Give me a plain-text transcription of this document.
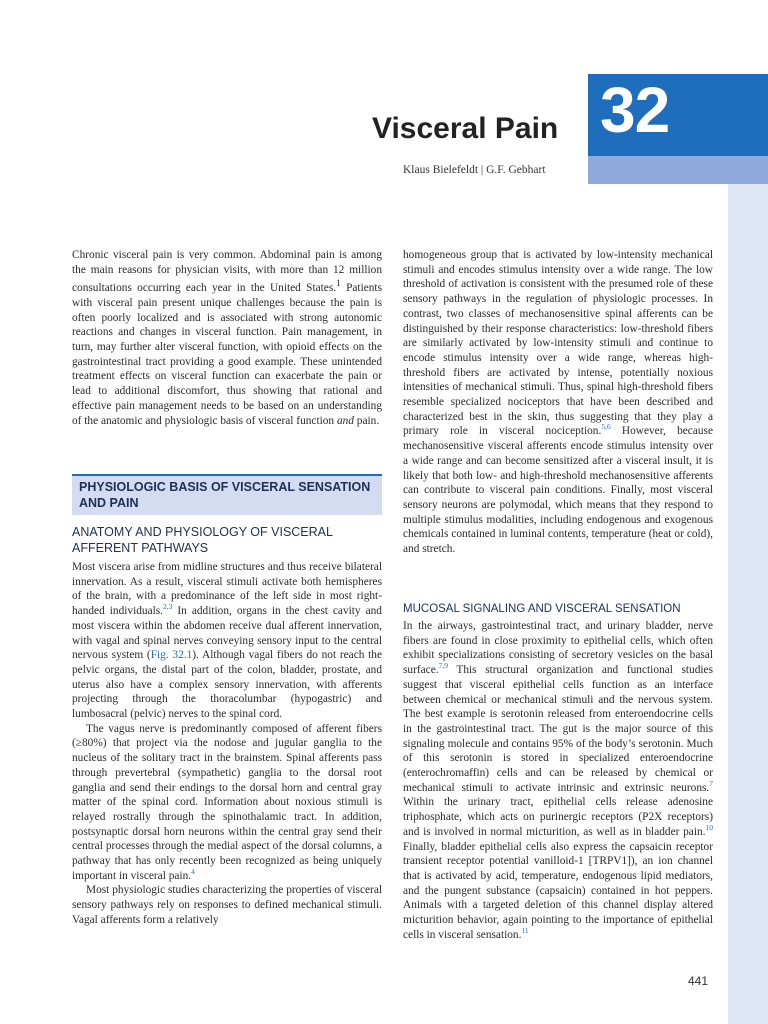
32
Visceral Pain
Klaus Bielefeldt | G.F. Gebhart

Chronic visceral pain is very common. Abdominal pain is among the main reasons for physician visits, with more than 12 million consultations occurring each year in the United States.$^1$ Patients with visceral pain present unique challenges because the pain is often poorly localized and is associated with strong autonomic reactions and changes in visceral function. Pain management, in turn, may further alter visceral function, with opioid effects on the gastrointestinal tract providing a good example. These unintended treatment effects on visceral function can exacerbate the pain or lead to additional discomfort, thus showing that rational and effective pain management needs to be based on an understanding of the anatomic and physiologic basis of visceral function and pain.

PHYSIOLOGIC BASIS OF VISCERAL SENSATION AND PAIN
ANATOMY AND PHYSIOLOGY OF VISCERAL AFFERENT PATHWAYS

Most viscera arise from midline structures and thus receive bilateral innervation. As a result, visceral stimuli activate both hemispheres of the brain, with a predominance of the left side in most right-handed individuals.$^{2,3}$ In addition, organs in the chest cavity and most viscera within the abdomen receive dual afferent innervation, with vagal and spinal nerves conveying sensory input to the central nervous system (Fig. 32.1). Although vagal fibers do not reach the pelvic organs, the distal part of the colon, bladder, prostate, and uterus also have a complex sensory innervation, with afferents projecting through the thoracolumbar (hypogastric) and lumbosacral (pelvic) nerves to the spinal cord.

The vagus nerve is predominantly composed of afferent fibers (≥80%) that project via the nodose and jugular ganglia to the nucleus of the solitary tract in the brainstem. Spinal afferents pass through prevertebral (sympathetic) ganglia to the dorsal root ganglia and send their endings to the dorsal horn and central gray matter of the spinal cord. Information about noxious stimuli is relayed rostrally through the spinothalamic tract. In addition, postsynaptic dorsal horn neurons within the central gray send their central processes through the medial aspect of the dorsal columns, a pathway that has only recently been recognized as being uniquely important in visceral pain.$^4$

Most physiologic studies characterizing the properties of visceral sensory pathways rely on responses to defined mechanical stimuli. Vagal afferents form a relatively

homogeneous group that is activated by low-intensity mechanical stimuli and encodes stimulus intensity over a wide range. The low threshold of activation is consistent with the presumed role of these sensory pathways in the regulation of physiologic processes. In contrast, two classes of mechanosensitive spinal afferents can be distinguished by their response characteristics: low-threshold fibers are similarly activated by low-intensity stimuli and continue to encode stimulus intensity over a wide range, whereas high-threshold fibers are activated by intense, potentially noxious intensities of mechanical stimuli. Thus, spinal high-threshold fibers resemble specialized nociceptors that have been described and characterized best in the skin, thus suggesting that they play a primary role in visceral nociception.$^{5,6}$ However, because mechanosensitive visceral afferents encode stimulus intensity over a wide range and can become sensitized after a visceral insult, it is likely that both low- and high-threshold mechanosensitive afferents can contribute to visceral pain conditions. Finally, most visceral sensory neurons are polymodal, which means that they respond to multiple stimulus modalities, including endogenous and exogenous chemicals contained in luminal contents, temperature (heat or cold), and stretch.

MUCOSAL SIGNALING AND VISCERAL SENSATION

In the airways, gastrointestinal tract, and urinary bladder, nerve fibers are found in close proximity to epithelial cells, which often exhibit specializations consisting of secretory vesicles on the basal surface.$^{7,9}$ This structural organization and functional studies suggest that visceral epithelial cells function as an interface between chemical or mechanical stimuli and the nervous system. The best example is serotonin released from enteroendocrine cells in the gastrointestinal tract. The gut is the major source of this signaling molecule and contains 95% of the body’s serotonin. Much of this serotonin is stored in specialized enteroendocrine (enterochromaffin) cells and can be released by chemical or mechanical stimuli to activate intrinsic and extrinsic neurons.$^7$ Within the urinary tract, epithelial cells release adenosine triphosphate, which acts on purinergic receptors (P2X receptors) and is involved in normal micturition, as well as in bladder pain.$^{10}$ Finally, bladder epithelial cells also express the capsaicin receptor transient receptor potential vanilloid-1 [TRPV1]), an ion channel that is activated by acid, temperature, endogenous lipid mediators, and the pungent substance (capsaicin) contained in hot peppers. Animals with a targeted deletion of this channel display altered micturition behavior, again pointing to the importance of epithelial cells in visceral sensation.$^{11}$

441
